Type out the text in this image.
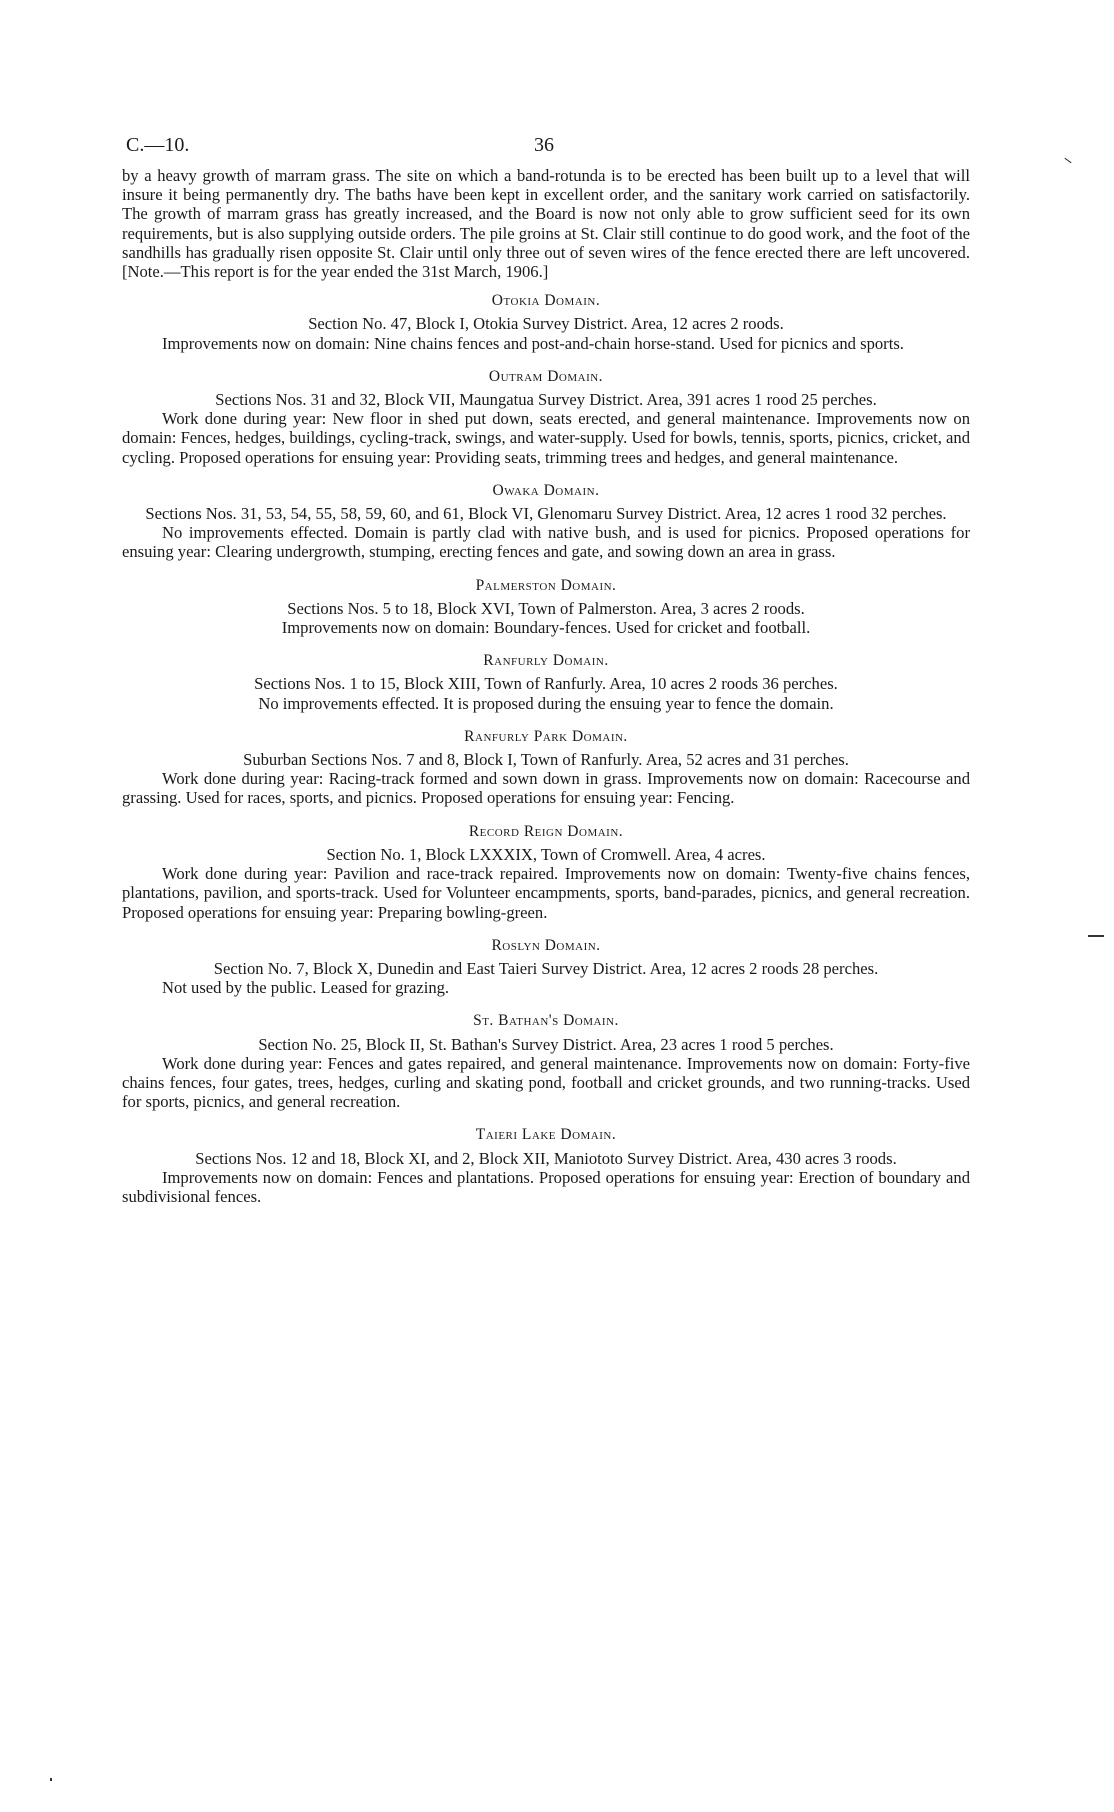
C.—10.	36

by a heavy growth of marram grass. The site on which a band-rotunda is to be erected has been built up to a level that will insure it being permanently dry. The baths have been kept in excellent order, and the sanitary work carried on satisfactorily. The growth of marram grass has greatly increased, and the Board is now not only able to grow sufficient seed for its own requirements, but is also supplying outside orders. The pile groins at St. Clair still continue to do good work, and the foot of the sandhills has gradually risen opposite St. Clair until only three out of seven wires of the fence erected there are left uncovered. [Note.—This report is for the year ended the 31st March, 1906.]

Otokia Domain.

Section No. 47, Block I, Otokia Survey District. Area, 12 acres 2 roods.

Improvements now on domain: Nine chains fences and post-and-chain horse-stand. Used for picnics and sports.

Outram Domain.

Sections Nos. 31 and 32, Block VII, Maungatua Survey District. Area, 391 acres 1 rood 25 perches.

Work done during year: New floor in shed put down, seats erected, and general maintenance. Improvements now on domain: Fences, hedges, buildings, cycling-track, swings, and water-supply. Used for bowls, tennis, sports, picnics, cricket, and cycling. Proposed operations for ensuing year: Providing seats, trimming trees and hedges, and general maintenance.

Owaka Domain.

Sections Nos. 31, 53, 54, 55, 58, 59, 60, and 61, Block VI, Glenomaru Survey District. Area, 12 acres 1 rood 32 perches.

No improvements effected. Domain is partly clad with native bush, and is used for picnics. Proposed operations for ensuing year: Clearing undergrowth, stumping, erecting fences and gate, and sowing down an area in grass.

Palmerston Domain.

Sections Nos. 5 to 18, Block XVI, Town of Palmerston. Area, 3 acres 2 roods.

Improvements now on domain: Boundary-fences. Used for cricket and football.

Ranfurly Domain.

Sections Nos. 1 to 15, Block XIII, Town of Ranfurly. Area, 10 acres 2 roods 36 perches.

No improvements effected. It is proposed during the ensuing year to fence the domain.

Ranfurly Park Domain.

Suburban Sections Nos. 7 and 8, Block I, Town of Ranfurly. Area, 52 acres and 31 perches.

Work done during year: Racing-track formed and sown down in grass. Improvements now on domain: Racecourse and grassing. Used for races, sports, and picnics. Proposed operations for ensuing year: Fencing.

Record Reign Domain.

Section No. 1, Block LXXXIX, Town of Cromwell. Area, 4 acres.

Work done during year: Pavilion and race-track repaired. Improvements now on domain: Twenty-five chains fences, plantations, pavilion, and sports-track. Used for Volunteer encampments, sports, band-parades, picnics, and general recreation. Proposed operations for ensuing year: Preparing bowling-green.

Roslyn Domain.

Section No. 7, Block X, Dunedin and East Taieri Survey District. Area, 12 acres 2 roods 28 perches.

Not used by the public. Leased for grazing.

St. Bathan's Domain.

Section No. 25, Block II, St. Bathan's Survey District. Area, 23 acres 1 rood 5 perches.

Work done during year: Fences and gates repaired, and general maintenance. Improvements now on domain: Forty-five chains fences, four gates, trees, hedges, curling and skating pond, football and cricket grounds, and two running-tracks. Used for sports, picnics, and general recreation.

Taieri Lake Domain.

Sections Nos. 12 and 18, Block XI, and 2, Block XII, Maniototo Survey District. Area, 430 acres 3 roods.

Improvements now on domain: Fences and plantations. Proposed operations for ensuing year: Erection of boundary and subdivisional fences.
